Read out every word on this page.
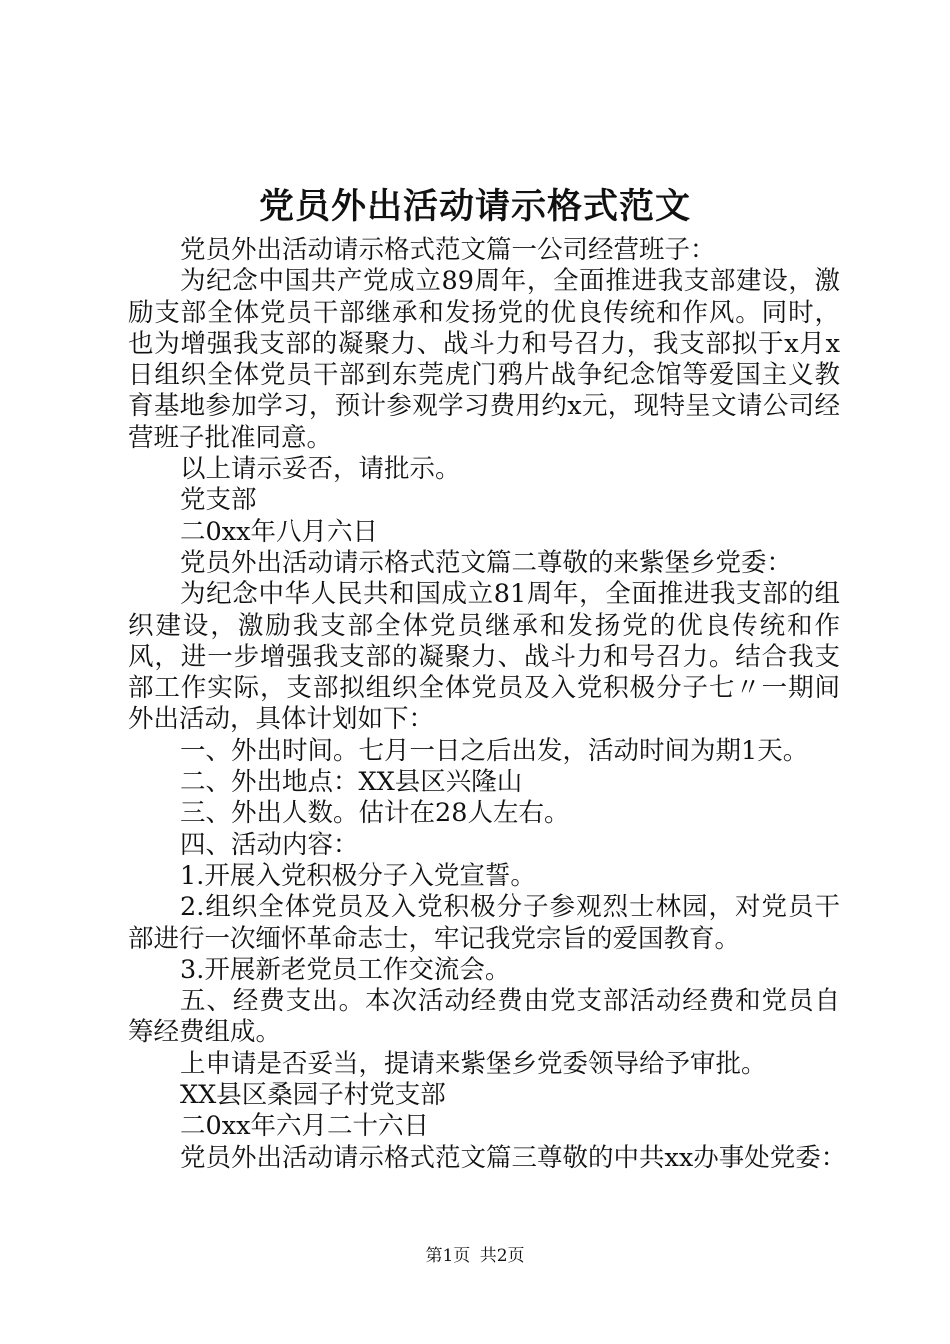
党员外出活动请示格式范文

党员外出活动请示格式范文篇一公司经营班子：

为纪念中国共产党成立89周年，全面推进我支部建设，激励支部全体党员干部继承和发扬党的优良传统和作风。同时，也为增强我支部的凝聚力、战斗力和号召力，我支部拟于x月x日组织全体党员干部到东莞虎门鸦片战争纪念馆等爱国主义教育基地参加学习，预计参观学习费用约x元，现特呈文请公司经营班子批准同意。

以上请示妥否，请批示。

党支部

二0xx年八月六日

党员外出活动请示格式范文篇二尊敬的来紫堡乡党委：

为纪念中华人民共和国成立81周年，全面推进我支部的组织建设，激励我支部全体党员继承和发扬党的优良传统和作风，进一步增强我支部的凝聚力、战斗力和号召力。结合我支部工作实际，支部拟组织全体党员及入党积极分子七〃一期间外出活动，具体计划如下：

一、外出时间。七月一日之后出发，活动时间为期1天。

二、外出地点：XX县区兴隆山

三、外出人数。估计在28人左右。

四、活动内容：

1.开展入党积极分子入党宣誓。

2.组织全体党员及入党积极分子参观烈士林园，对党员干部进行一次缅怀革命志士，牢记我党宗旨的爱国教育。

3.开展新老党员工作交流会。

五、经费支出。本次活动经费由党支部活动经费和党员自筹经费组成。

上申请是否妥当，提请来紫堡乡党委领导给予审批。

XX县区桑园子村党支部

二0xx年六月二十六日

党员外出活动请示格式范文篇三尊敬的中共xx办事处党委：

第1页 共2页
